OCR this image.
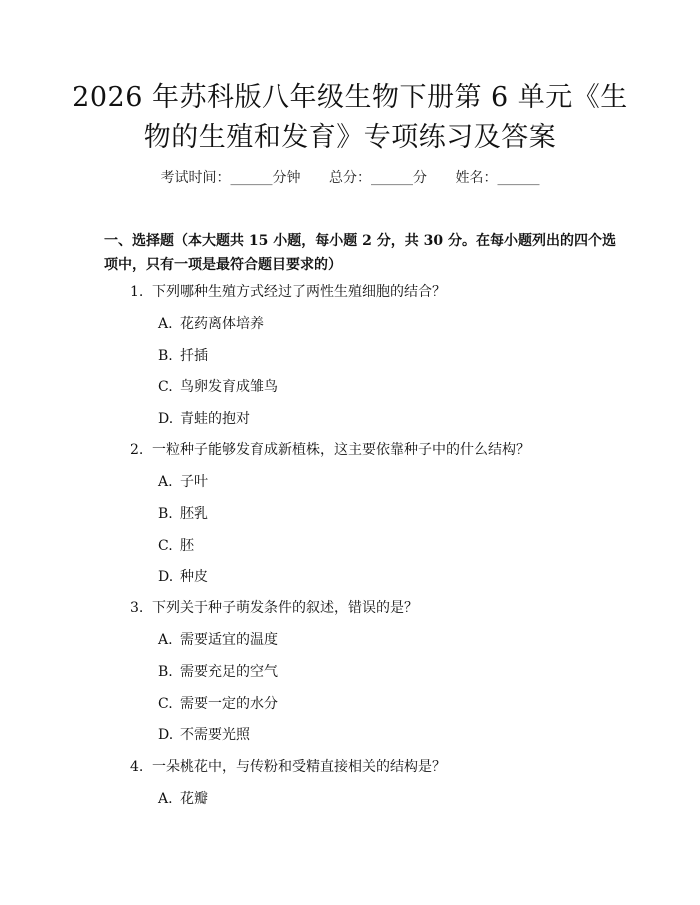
2026 年苏科版八年级生物下册第 6 单元《生
物的生殖和发育》专项练习及答案
考试时间：______分钟 总分：______分 姓名：______
一、选择题（本大题共 15 小题，每小题 2 分，共 30 分。在每小题列出的四个选项中，只有一项是最符合题目要求的）
1. 下列哪种生殖方式经过了两性生殖细胞的结合？
A. 花药离体培养
B. 扦插
C. 鸟卵发育成雏鸟
D. 青蛙的抱对
2. 一粒种子能够发育成新植株，这主要依靠种子中的什么结构？
A. 子叶
B. 胚乳
C. 胚
D. 种皮
3. 下列关于种子萌发条件的叙述，错误的是？
A. 需要适宜的温度
B. 需要充足的空气
C. 需要一定的水分
D. 不需要光照
4. 一朵桃花中，与传粉和受精直接相关的结构是？
A. 花瓣
